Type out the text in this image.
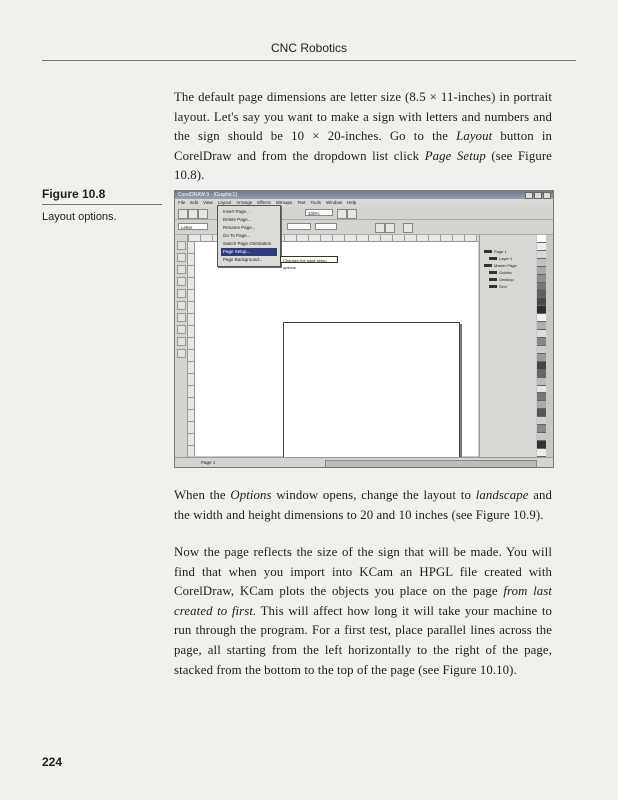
CNC Robotics

The default page dimensions are letter size (8.5 × 11-inches) in portrait layout. Let's say you want to make a sign with letters and numbers and the sign should be 10 × 20-inches. Go to the Layout button in CorelDraw and from the dropdown list click Page Setup (see Figure 10.8).

Figure 10.8
Layout options.
CorelDRAW 9 - [Graphic1]
File Edit View Layout Arrange Effects Bitmaps Text Tools Window Help
100%
Letter
Insert Page...
Delete Page...
Rename Page...
Go To Page...
Switch Page Orientation
Page Setup...
Page Background...	Changes the page setup options
Page 1
Layer 1
Master Page
Guides
Desktop
Grid
Page 1

When the Options window opens, change the layout to landscape and the width and height dimensions to 20 and 10 inches (see Figure 10.9).

Now the page reflects the size of the sign that will be made. You will find that when you import into KCam an HPGL file created with CorelDraw, KCam plots the objects you place on the page from last created to first. This will affect how long it will take your machine to run through the program. For a first test, place parallel lines across the page, all starting from the left horizontally to the right of the page, stacked from the bottom to the top of the page (see Figure 10.10).

224
